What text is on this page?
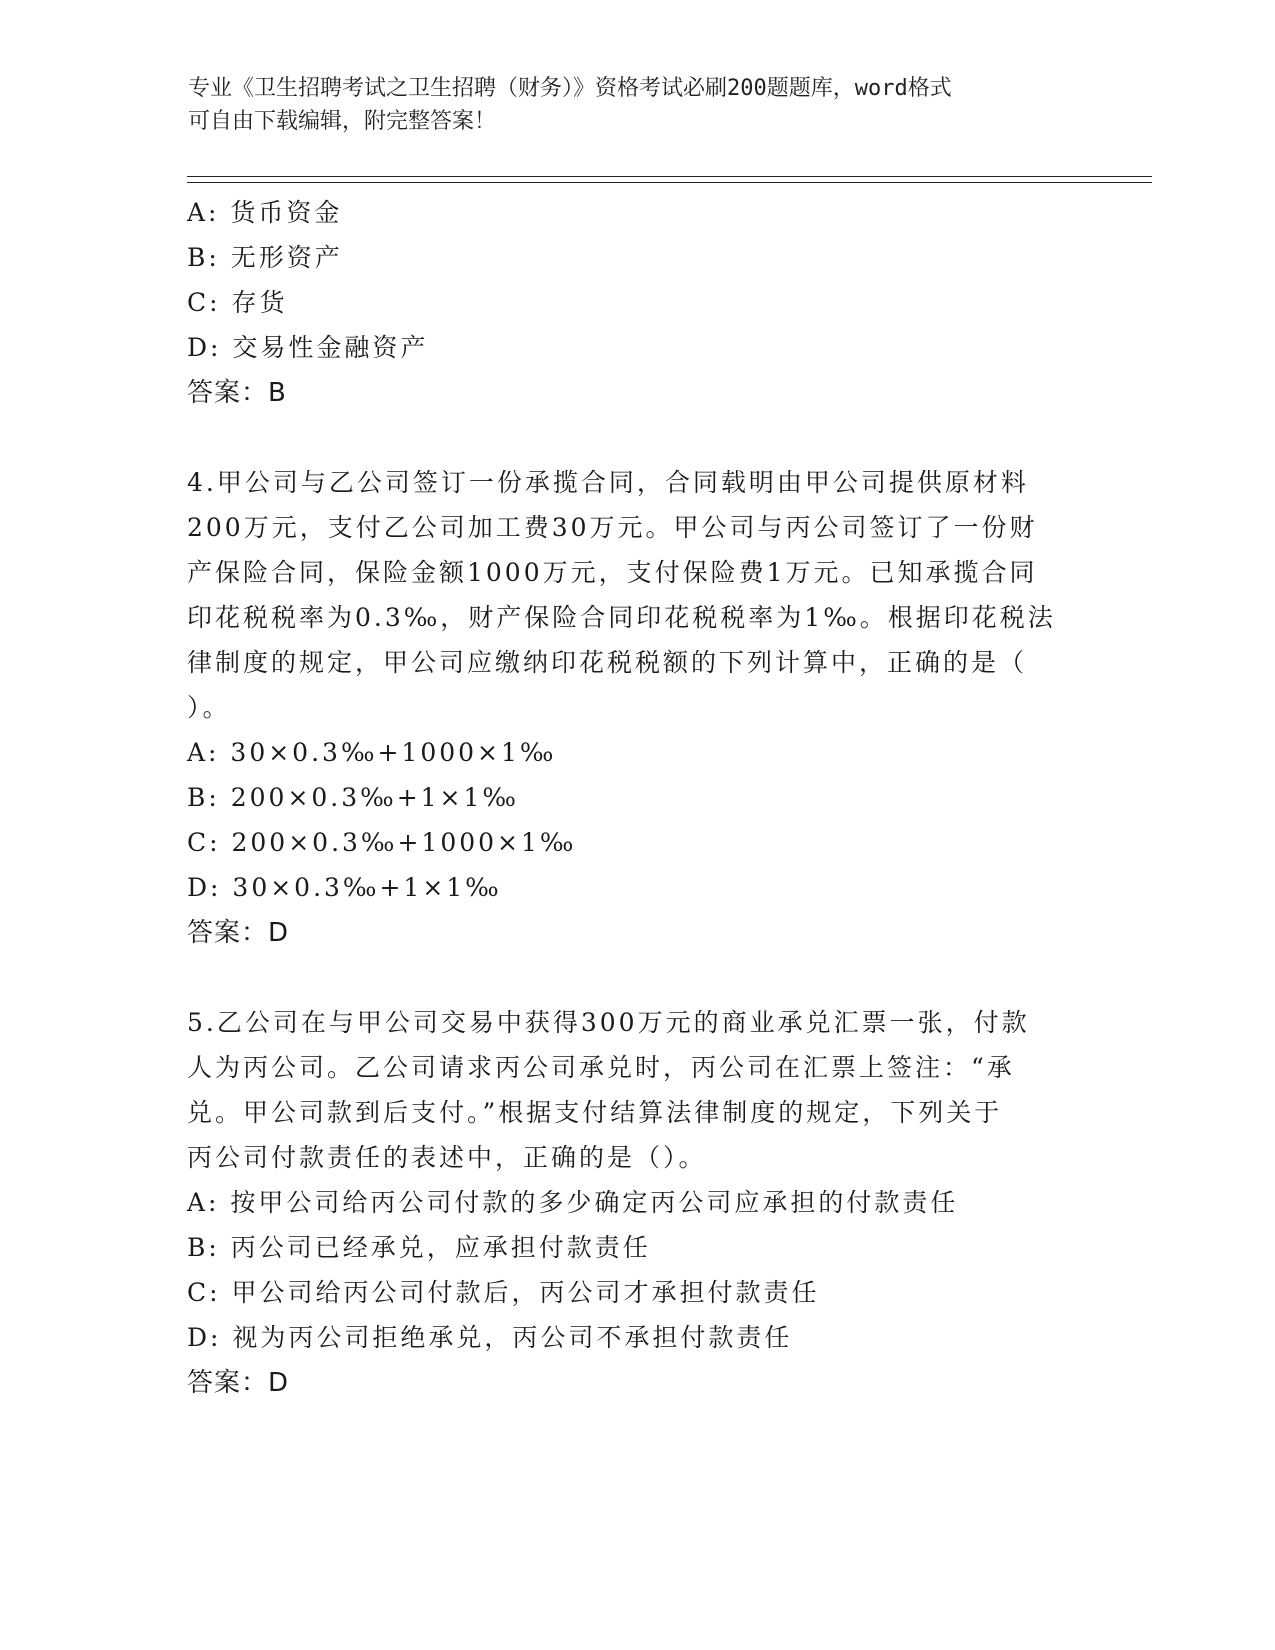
专业《卫生招聘考试之卫生招聘（财务）》资格考试必刷200题题库，word格式
可自由下载编辑，附完整答案！
A: 货币资金
B: 无形资产
C: 存货
D: 交易性金融资产
答案：B
4.甲公司与乙公司签订一份承揽合同，合同载明由甲公司提供原材料
200万元，支付乙公司加工费30万元。甲公司与丙公司签订了一份财
产保险合同，保险金额1000万元，支付保险费1万元。已知承揽合同
印花税税率为0.3‰，财产保险合同印花税税率为1‰。根据印花税法
律制度的规定，甲公司应缴纳印花税税额的下列计算中，正确的是（
）。
A: 30×0.3‰+1000×1‰
B: 200×0.3‰+1×1‰
C: 200×0.3‰+1000×1‰
D: 30×0.3‰+1×1‰
答案：D
5.乙公司在与甲公司交易中获得300万元的商业承兑汇票一张，付款
人为丙公司。乙公司请求丙公司承兑时，丙公司在汇票上签注：“承
兑。甲公司款到后支付。”根据支付结算法律制度的规定，下列关于
丙公司付款责任的表述中，正确的是（）。
A: 按甲公司给丙公司付款的多少确定丙公司应承担的付款责任
B: 丙公司已经承兑，应承担付款责任
C: 甲公司给丙公司付款后，丙公司才承担付款责任
D: 视为丙公司拒绝承兑，丙公司不承担付款责任
答案：D
